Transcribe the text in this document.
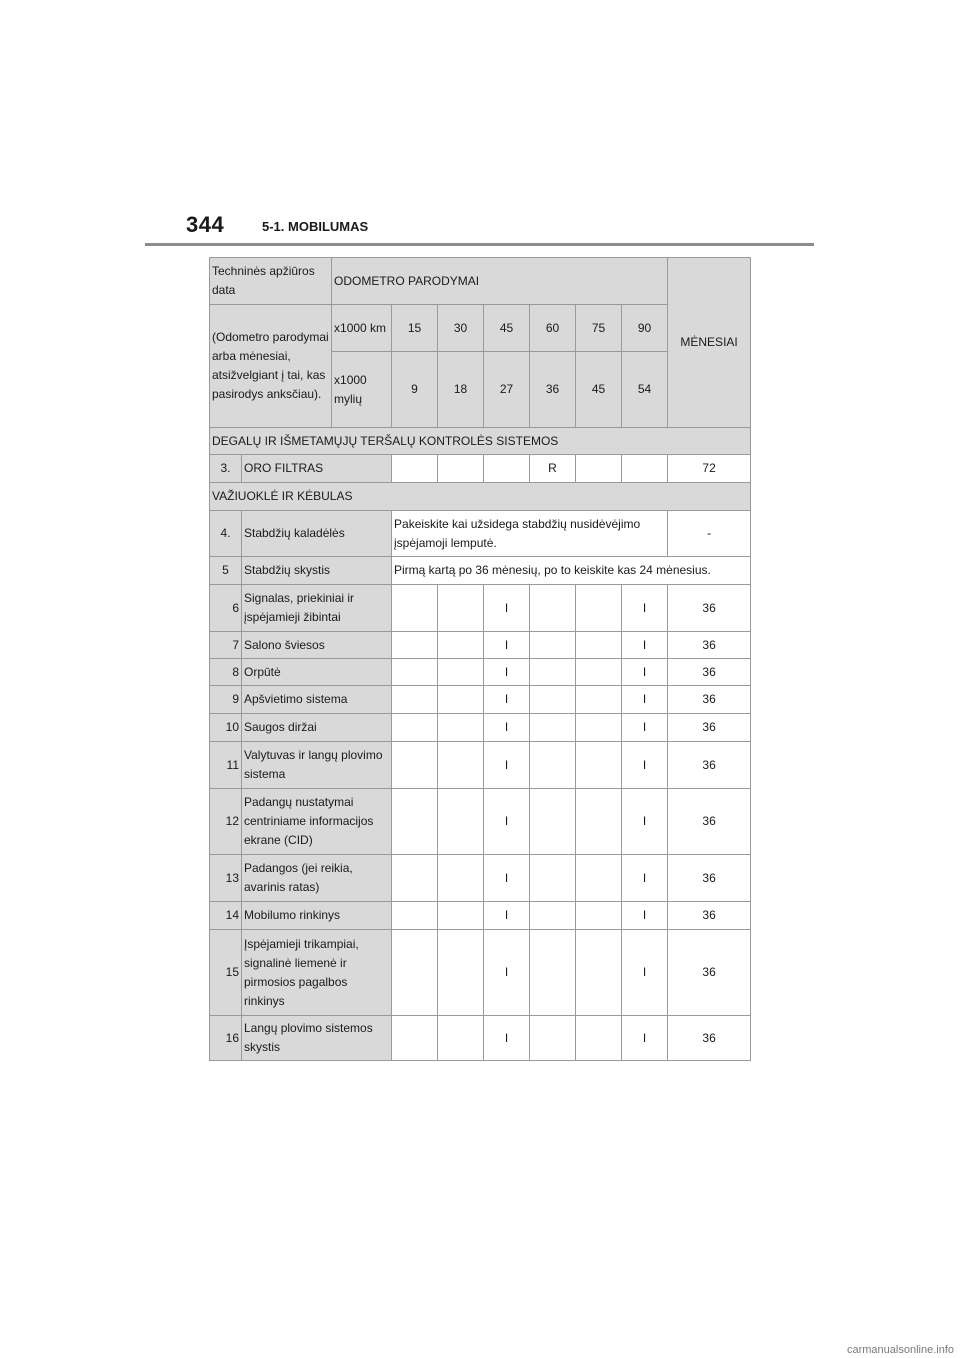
344	5-1. MOBILUMAS
Techninės apžiūros data		ODOMETRO PARODYMAI							MĖNESIAI
(Odometro parodymai arba mėnesiai, atsižvelgiant į tai, kas pasirodys anksčiau).		x1000 km	15	30	45	60	75	90	
		x1000 mylių	9	18	27	36	45	54	
DEGALŲ IR IŠMETAMŲJŲ TERŠALŲ KONTROLĖS SISTEMOS									
3.	ORO FILTRAS					R			72
VAŽIUOKLĖ IR KĖBULAS									
4.	Stabdžių kaladėlės		Pakeiskite kai užsidega stabdžių nusidėvėjimo įspėjamoji lemputė.						-
5	Stabdžių skystis		Pirmą kartą po 36 mėnesių, po to keiskite kas 24 mėnesius.						
6	Signalas, priekiniai ir įspėjamieji žibintai				I			I	36
7	Salono šviesos				I			I	36
8	Orpūtė				I			I	36
9	Apšvietimo sistema				I			I	36
10	Saugos diržai				I			I	36
11	Valytuvas ir langų plovimo sistema				I			I	36
12	Padangų nustatymai centriniame informacijos ekrane (CID)				I			I	36
13	Padangos (jei reikia, avarinis ratas)				I			I	36
14	Mobilumo rinkinys				I			I	36
15	Įspėjamieji trikampiai, signalinė liemenė ir pirmosios pagalbos rinkinys				I			I	36
16	Langų plovimo sistemos skystis				I			I	36
carmanualsonline.info
